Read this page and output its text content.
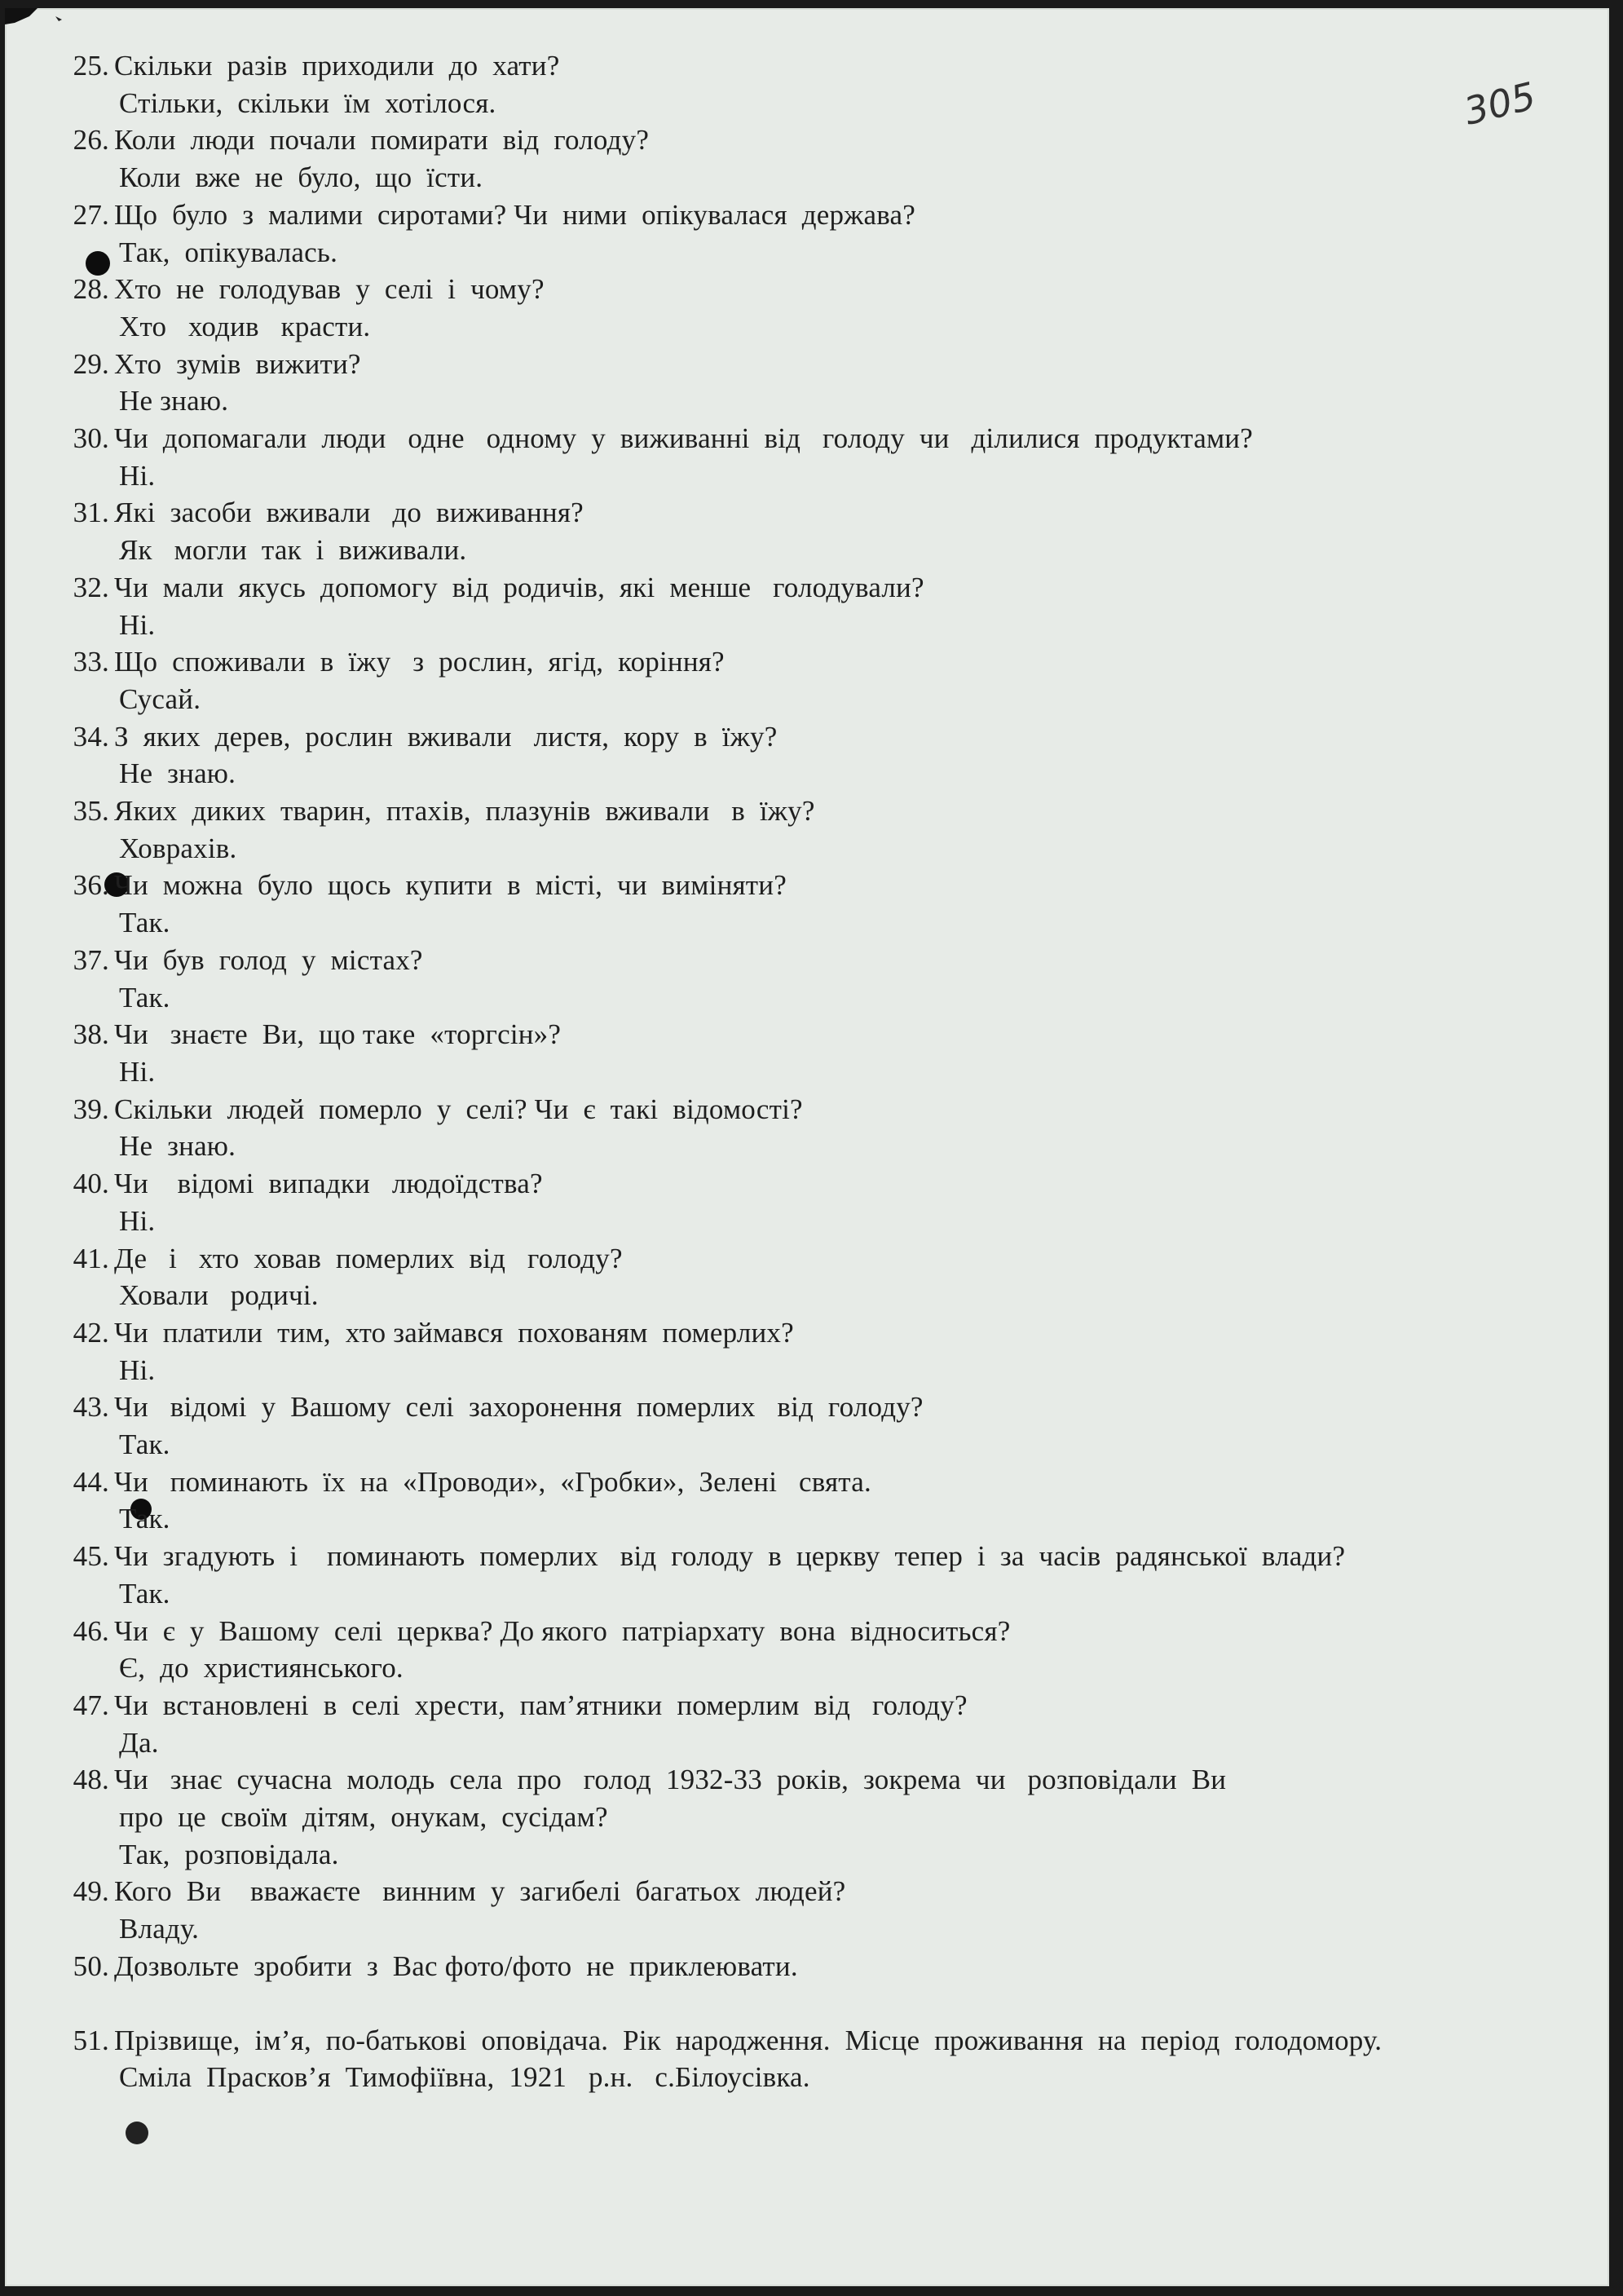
305
25. Скільки  разів  приходили  до  хати?
Стільки,  скільки  їм  хотілося.
26. Коли  люди  почали  помирати  від  голоду?
Коли  вже  не  було,  що  їсти.
27. Що  було  з  малими  сиротами? Чи  ними  опікувалася  держава?
Так,  опікувалась.
28. Хто  не  голодував  у  селі  і  чому?
Хто   ходив   красти.
29. Хто  зумів  вижити?
Не знаю.
30. Чи  допомагали  люди   одне   одному  у  виживанні  від   голоду  чи   ділилися  продуктами?
Ні.
31. Які  засоби  вживали   до  виживання?
Як   могли  так  і  виживали.
32. Чи  мали  якусь  допомогу  від  родичів,  які  менше   голодували?
Ні.
33. Що  споживали  в  їжу   з  рослин,  ягід,  коріння?
Сусай.
34. З  яких  дерев,  рослин  вживали   листя,  кору  в  їжу?
Не  знаю.
35. Яких  диких  тварин,  птахів,  плазунів  вживали   в  їжу?
Ховрахів.
36. Чи  можна  було  щось  купити  в  місті,  чи  виміняти?
Так.
37. Чи  був  голод  у  містах?
Так.
38. Чи   знаєте  Ви,  що такe  «торгсін»?
Ні.
39. Скільки  людей  померло  у  селі? Чи  є  такі  відомості?
Не  знаю.
40. Чи    відомі  випадки   людоїдства?
Ні.
41. Де   і   хто  ховав  померлих  від   голоду?
Ховали   родичі.
42. Чи  платили  тим,  хто займався  похованям  померлих?
Ні.
43. Чи   відомі  у  Вашому  селі  захоронення  померлих   від  голоду?
Так.
44. Чи   поминають  їх  на  «Проводи»,  «Гробки»,  Зелені   свята.
Так.
45. Чи  згадують  і    поминають  померлих   від  голоду  в  церкву  тепер  і  за  часів  радянської  влади?
Так.
46. Чи  є  у  Вашому  селі  церква? До якого  патріархату  вона  відноситься?
Є,  до  християнського.
47. Чи  встановлені  в  селі  хрести,  пам’ятники  померлим  від   голоду?
Да.
48. Чи   знає  сучасна  молодь  села  про   голод  1932-33  років,  зокрема  чи   розповідали  Ви
про  це  своїм  дітям,  онукам,  сусідам?
Так,  розповідала.
49. Кого  Ви    вважаєте   винним  у  загибелі  багатьох  людей?
Владу.
50. Дозвольте  зробити  з  Вас фото/фото  не  приклеювати.
51. Прізвище,  ім’я,  по-батькові  оповідача.  Рік  народження.  Місце  проживання  на  період  голодомору.
Сміла  Прасков’я  Тимофіївна,  1921   р.н.   с.Білоусівка.
